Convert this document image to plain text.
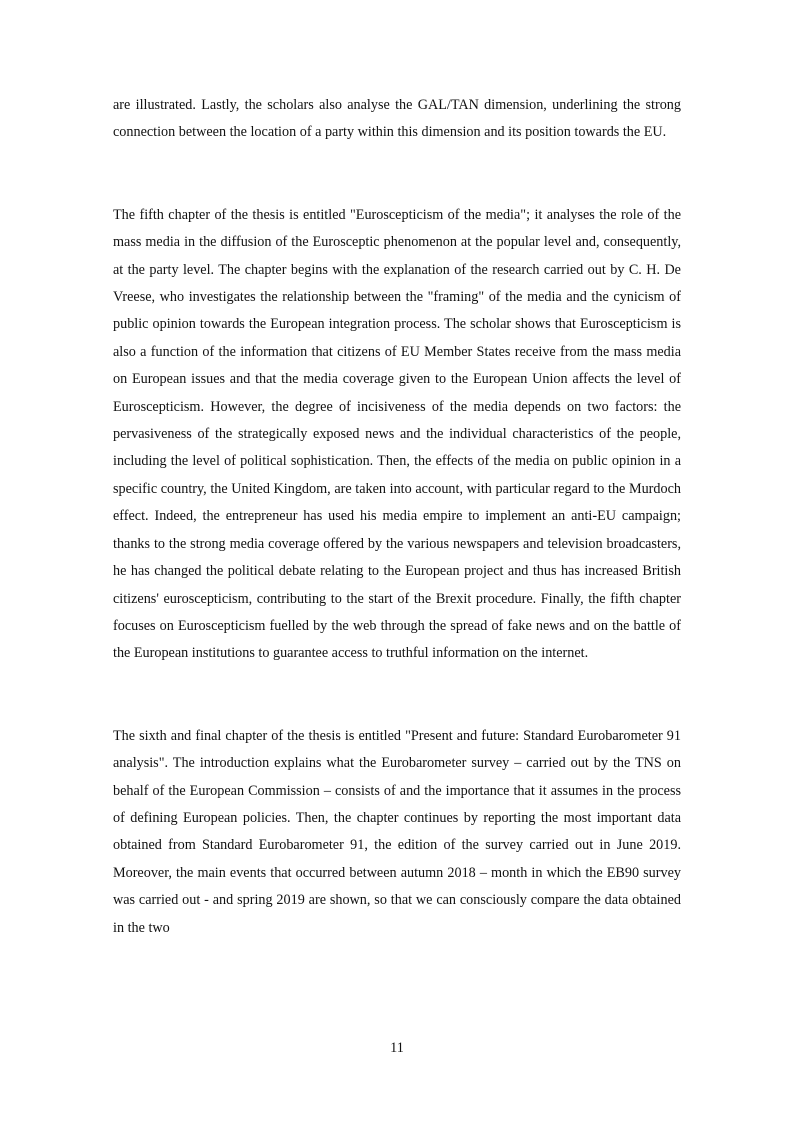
are illustrated. Lastly, the scholars also analyse the GAL/TAN dimension, underlining the strong connection between the location of a party within this dimension and its position towards the EU.

The fifth chapter of the thesis is entitled "Euroscepticism of the media"; it analyses the role of the mass media in the diffusion of the Eurosceptic phenomenon at the popular level and, consequently, at the party level. The chapter begins with the explanation of the research carried out by C. H. De Vreese, who investigates the relationship between the "framing" of the media and the cynicism of public opinion towards the European integration process. The scholar shows that Euroscepticism is also a function of the information that citizens of EU Member States receive from the mass media on European issues and that the media coverage given to the European Union affects the level of Euroscepticism. However, the degree of incisiveness of the media depends on two factors: the pervasiveness of the strategically exposed news and the individual characteristics of the people, including the level of political sophistication. Then, the effects of the media on public opinion in a specific country, the United Kingdom, are taken into account, with particular regard to the Murdoch effect. Indeed, the entrepreneur has used his media empire to implement an anti-EU campaign; thanks to the strong media coverage offered by the various newspapers and television broadcasters, he has changed the political debate relating to the European project and thus has increased British citizens' euroscepticism, contributing to the start of the Brexit procedure. Finally, the fifth chapter focuses on Euroscepticism fuelled by the web through the spread of fake news and on the battle of the European institutions to guarantee access to truthful information on the internet.

The sixth and final chapter of the thesis is entitled "Present and future: Standard Eurobarometer 91 analysis". The introduction explains what the Eurobarometer survey – carried out by the TNS on behalf of the European Commission – consists of and the importance that it assumes in the process of defining European policies. Then, the chapter continues by reporting the most important data obtained from Standard Eurobarometer 91, the edition of the survey carried out in June 2019. Moreover, the main events that occurred between autumn 2018 – month in which the EB90 survey was carried out - and spring 2019 are shown, so that we can consciously compare the data obtained in the two

11
